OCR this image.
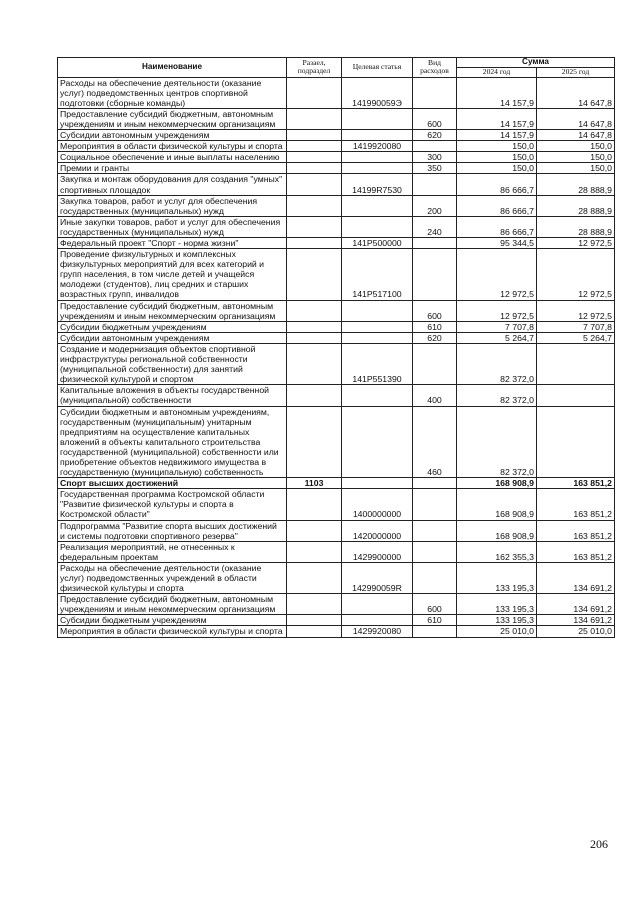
Наименование	Разаел, подраздел	Целевая статья	Вид расходов	Сумма	
				2024 год	2025 год
Расходы на обеспечение деятельности (оказание услуг) подведомственных центров спортивной подготовки (сборные команды)		141990059Э		14 157,9	14 647,8
Предоставление субсидий бюджетным, автономным учреждениям и иным некоммерческим организациям			600	14 157,9	14 647,8
Субсидии автономным учреждениям			620	14 157,9	14 647,8
Мероприятия в области физической культуры и спорта		1419920080		150,0	150,0
Социальное обеспечение и иные выплаты населению			300	150,0	150,0
Премии и гранты			350	150,0	150,0
Закупка и монтаж оборудования для создания "умных" спортивных площадок		14199R7530		86 666,7	28 888,9
Закупка товаров, работ и услуг для обеспечения государственных (муниципальных) нужд			200	86 666,7	28 888,9
Иные закупки товаров, работ и услуг для обеспечения государственных (муниципальных) нужд			240	86 666,7	28 888,9
Федеральный проект "Спорт - норма жизни"		141P500000		95 344,5	12 972,5
Проведение физкультурных и комплексных физкультурных мероприятий для всех категорий и групп населения, в том числе детей и учащейся молодежи (студентов), лиц средних и старших возрастных групп, инвалидов		141P517100		12 972,5	12 972,5
Предоставление субсидий бюджетным, автономным учреждениям и иным некоммерческим организациям			600	12 972,5	12 972,5
Субсидии бюджетным учреждениям			610	7 707,8	7 707,8
Субсидии автономным учреждениям			620	5 264,7	5 264,7
Создание и модернизация объектов спортивной инфраструктуры региональной собственности (муниципальной собственности) для занятий физической культурой и спортом		141P551390		82 372,0	
Капитальные вложения в объекты государственной (муниципальной) собственности			400	82 372,0	
Субсидии бюджетным и автономным учреждениям, государственным (муниципальным) унитарным предприятиям на осуществление капитальных вложений в объекты капитального строительства государственной (муниципальной) собственности или приобретение объектов недвижимого имущества в государственную (муниципальную) собственность			460	82 372,0	
Спорт высших достижений	1103			168 908,9	163 851,2
Государственная программа Костромской области "Развитие физической культуры и спорта в Костромской области"		1400000000		168 908,9	163 851,2
Подпрограмма "Развитие спорта высших достижений и системы подготовки спортивного резерва"		1420000000		168 908,9	163 851,2
Реализация мероприятий, не отнесенных к федеральным проектам		1429900000		162 355,3	163 851,2
Расходы на обеспечение деятельности (оказание услуг) подведомственных учреждений в области физической культуры и спорта		142990059R		133 195,3	134 691,2
Предоставление субсидий бюджетным, автономным учреждениям и иным некоммерческим организациям			600	133 195,3	134 691,2
Субсидии бюджетным учреждениям			610	133 195,3	134 691,2
Мероприятия в области физической культуры и спорта		1429920080		25 010,0	25 010,0
206
